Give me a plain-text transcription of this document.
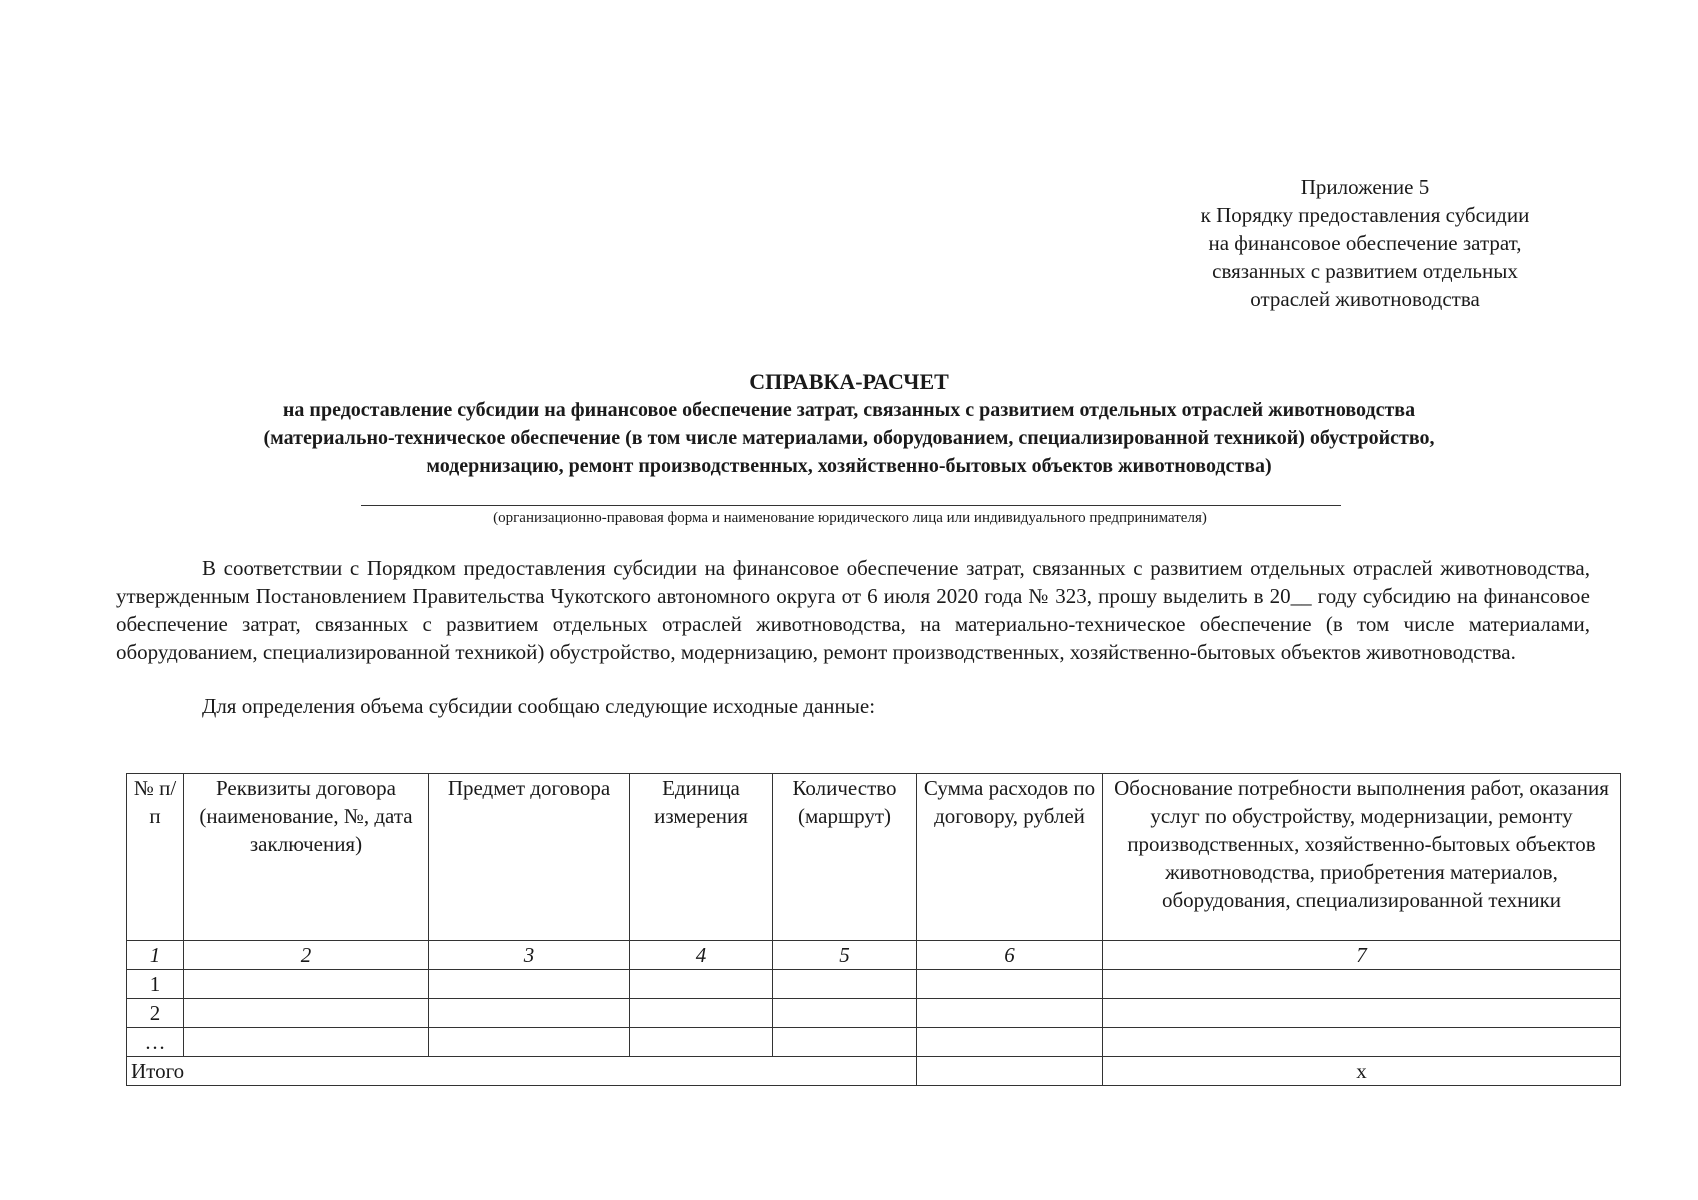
Приложение 5
к Порядку предоставления субсидии
на финансовое обеспечение затрат,
связанных с развитием отдельных
отраслей животноводства
СПРАВКА-РАСЧЕТ
на предоставление субсидии на финансовое обеспечение затрат, связанных с развитием отдельных отраслей животноводства
(материально-техническое обеспечение (в том числе материалами, оборудованием, специализированной техникой) обустройство,
модернизацию, ремонт производственных, хозяйственно-бытовых объектов животноводства)
(организационно-правовая форма и наименование юридического лица или индивидуального предпринимателя)
В соответствии с Порядком предоставления субсидии на финансовое обеспечение затрат, связанных с развитием отдельных отраслей животноводства, утвержденным Постановлением Правительства Чукотского автономного округа от 6 июля 2020 года № 323, прошу выделить в 20__ году субсидию на финансовое обеспечение затрат, связанных с развитием отдельных отраслей животноводства, на материально-техническое обеспечение (в том числе материалами, оборудованием, специализированной техникой) обустройство, модернизацию, ремонт производственных, хозяйственно-бытовых объектов животноводства.
Для определения объема субсидии сообщаю следующие исходные данные:
№ п/п	Реквизиты договора (наименование, №, дата заключения)	Предмет договора	Единица измерения	Количество (маршрут)	Сумма расходов по договору, рублей	Обоснование потребности выполнения работ, оказания услуг по обустройству, модернизации, ремонту производственных, хозяйственно-бытовых объектов животноводства, приобретения материалов, оборудования, специализированной техники
1	2	3	4	5	6	7
1						
2						
…						
Итого						x
